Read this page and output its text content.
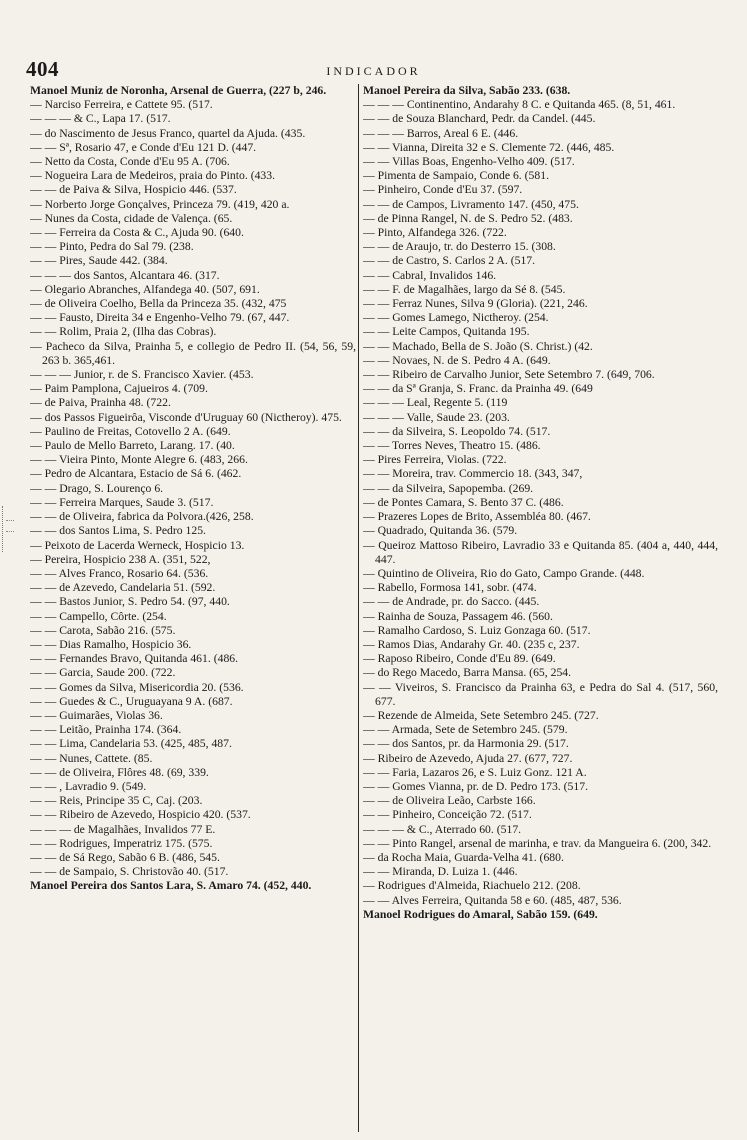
404	INDICADOR
Manoel Muniz de Noronha, Arsenal de Guerra, (227 b, 246.
— Narciso Ferreira, e Cattete 95. (517.
— — — & C., Lapa 17. (517.
— do Nascimento de Jesus Franco, quartel da Ajuda. (435.
— — Sª, Rosario 47, e Conde d'Eu 121 D. (447.
— Netto da Costa, Conde d'Eu 95 A. (706.
— Nogueira Lara de Medeiros, praia do Pinto. (433.
— — de Paiva & Silva, Hospicio 446. (537.
— Norberto Jorge Gonçalves, Princeza 79. (419, 420 a.
— Nunes da Costa, cidade de Valença. (65.
— — Ferreira da Costa & C., Ajuda 90. (640.
— — Pinto, Pedra do Sal 79. (238.
— — Pires, Saude 442. (384.
— — — dos Santos, Alcantara 46. (317.
— Olegario Abranches, Alfandega 40. (507, 691.
— de Oliveira Coelho, Bella da Princeza 35. (432, 475
— — Fausto, Direita 34 e Engenho-Velho 79. (67, 447.
— — Rolim, Praia 2, (Ilha das Cobras).
— Pacheco da Silva, Prainha 5, e collegio de Pedro II. (54, 56, 59, 263 b. 365,461.
— — — Junior, r. de S. Francisco Xavier. (453.
— Paim Pamplona, Cajueiros 4. (709.
— de Paiva, Prainha 48. (722.
— dos Passos Figueirôa, Visconde d'Uruguay 60 (Nictheroy). 475.
— Paulino de Freitas, Cotovello 2 A. (649.
— Paulo de Mello Barreto, Larang. 17. (40.
— — Vieira Pinto, Monte Alegre 6. (483, 266.
— Pedro de Alcantara, Estacio de Sá 6. (462.
— — Drago, S. Lourenço 6.
— — Ferreira Marques, Saude 3. (517.
— — de Oliveira, fabrica da Polvora.(426, 258.
— — dos Santos Lima, S. Pedro 125.
— Peixoto de Lacerda Werneck, Hospicio 13.
— Pereira, Hospicio 238 A. (351, 522,
— — Alves Franco, Rosario 64. (536.
— — de Azevedo, Candelaria 51. (592.
— — Bastos Junior, S. Pedro 54. (97, 440.
— — Campello, Côrte. (254.
— — Carota, Sabão 216. (575.
— — Dias Ramalho, Hospicio 36.
— — Fernandes Bravo, Quitanda 461. (486.
— — Garcia, Saude 200. (722.
— — Gomes da Silva, Misericordia 20. (536.
— — Guedes & C., Uruguayana 9 A. (687.
— — Guimarães, Violas 36.
— — Leitão, Prainha 174. (364.
— — Lima, Candelaria 53. (425, 485, 487.
— — Nunes, Cattete. (85.
— — de Oliveira, Flôres 48. (69, 339.
— — , Lavradio 9. (549.
— — Reis, Principe 35 C, Caj. (203.
— — Ribeiro de Azevedo, Hospicio 420. (537.
— — — de Magalhães, Invalidos 77 E.
— — Rodrigues, Imperatriz 175. (575.
— — de Sá Rego, Sabão 6 B. (486, 545.
— — de Sampaio, S. Christovão 40. (517.
Manoel Pereira dos Santos Lara, S. Amaro 74. (452, 440.
Manoel Pereira da Silva, Sabão 233. (638.
— — — Continentino, Andarahy 8 C. e Quitanda 465. (8, 51, 461.
— — de Souza Blanchard, Pedr. da Candel. (445.
— — — Barros, Areal 6 E. (446.
— — Vianna, Direita 32 e S. Clemente 72. (446, 485.
— — Villas Boas, Engenho-Velho 409. (517.
— Pimenta de Sampaio, Conde 6. (581.
— Pinheiro, Conde d'Eu 37. (597.
— — de Campos, Livramento 147. (450, 475.
— de Pinna Rangel, N. de S. Pedro 52. (483.
— Pinto, Alfandega 326. (722.
— — de Araujo, tr. do Desterro 15. (308.
— — de Castro, S. Carlos 2 A. (517.
— — Cabral, Invalidos 146.
— — F. de Magalhães, largo da Sé 8. (545.
— — Ferraz Nunes, Silva 9 (Gloria). (221, 246.
— — Gomes Lamego, Nictheroy. (254.
— — Leite Campos, Quitanda 195.
— — Machado, Bella de S. João (S. Christ.) (42.
— — Novaes, N. de S. Pedro 4 A. (649.
— — Ribeiro de Carvalho Junior, Sete Setembro 7. (649, 706.
— — da Sª Granja, S. Franc. da Prainha 49. (649
— — — Leal, Regente 5. (119
— — — Valle, Saude 23. (203.
— — da Silveira, S. Leopoldo 74. (517.
— — Torres Neves, Theatro 15. (486.
— Pires Ferreira, Violas. (722.
— — Moreira, trav. Commercio 18. (343, 347,
— — da Silveira, Sapopemba. (269.
— de Pontes Camara, S. Bento 37 C. (486.
— Prazeres Lopes de Brito, Assembléa 80. (467.
— Quadrado, Quitanda 36. (579.
— Queiroz Mattoso Ribeiro, Lavradio 33 e Quitanda 85. (404 a, 440, 444, 447.
— Quintino de Oliveira, Rio do Gato, Campo Grande. (448.
— Rabello, Formosa 141, sobr. (474.
— — de Andrade, pr. do Sacco. (445.
— Rainha de Souza, Passagem 46. (560.
— Ramalho Cardoso, S. Luiz Gonzaga 60. (517.
— Ramos Dias, Andarahy Gr. 40. (235 c, 237.
— Raposo Ribeiro, Conde d'Eu 89. (649.
— do Rego Macedo, Barra Mansa. (65, 254.
— — Viveiros, S. Francisco da Prainha 63, e Pedra do Sal 4. (517, 560, 677.
— Rezende de Almeida, Sete Setembro 245. (727.
— — Armada, Sete de Setembro 245. (579.
— — dos Santos, pr. da Harmonia 29. (517.
— Ribeiro de Azevedo, Ajuda 27. (677, 727.
— — Faria, Lazaros 26, e S. Luiz Gonz. 121 A.
— — Gomes Vianna, pr. de D. Pedro 173. (517.
— — de Oliveira Leão, Carbste 166.
— — Pinheiro, Conceição 72. (517.
— — — & C., Aterrado 60. (517.
— — Pinto Rangel, arsenal de marinha, e trav. da Mangueira 6. (200, 342.
— da Rocha Maia, Guarda-Velha 41. (680.
— — Miranda, D. Luiza 1. (446.
— Rodrigues d'Almeida, Riachuelo 212. (208.
— — Alves Ferreira, Quitanda 58 e 60. (485, 487, 536.
Manoel Rodrigues do Amaral, Sabão 159. (649.
